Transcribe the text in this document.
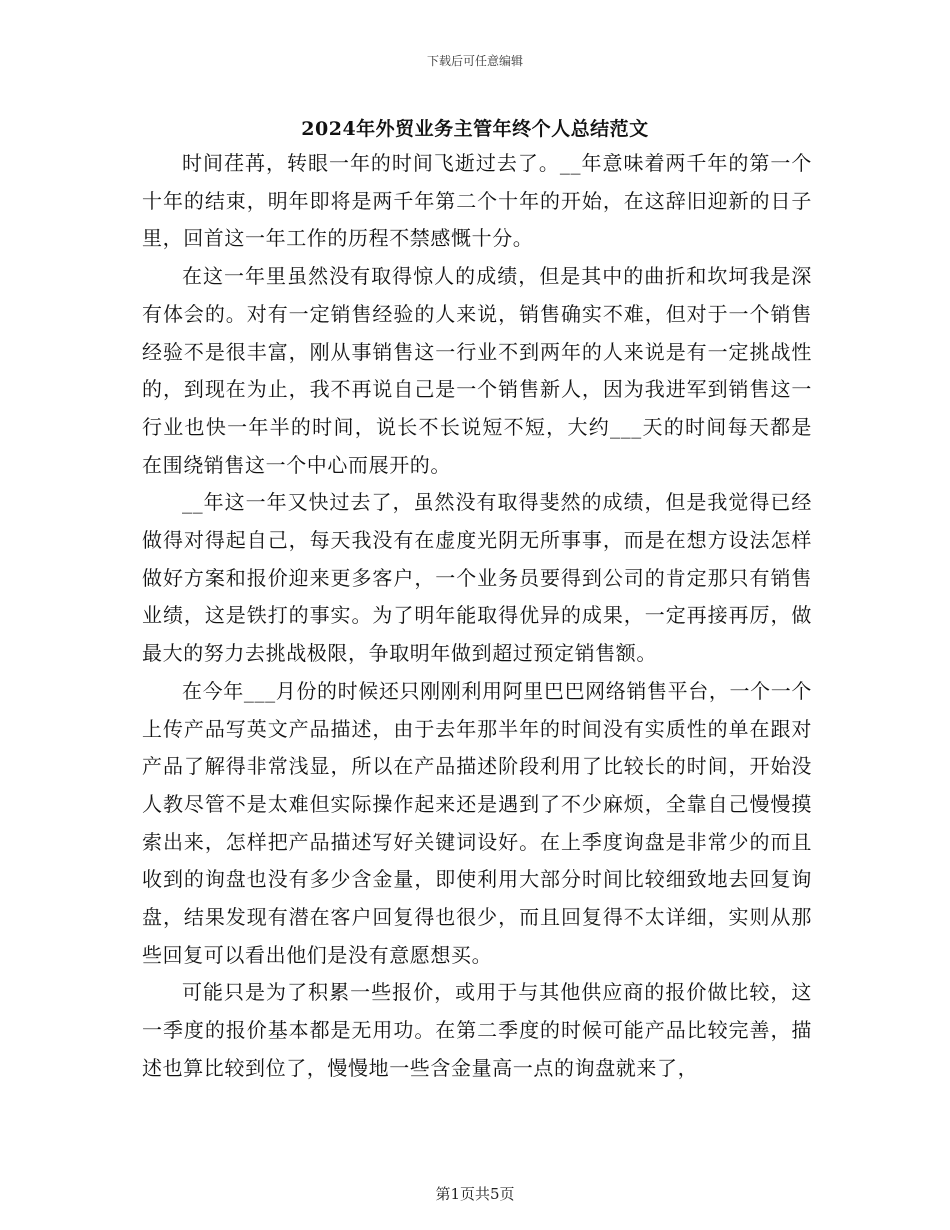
下载后可任意编辑
2024年外贸业务主管年终个人总结范文

时间荏苒，转眼一年的时间飞逝过去了。__年意味着两千年的第一个十年的结束，明年即将是两千年第二个十年的开始，在这辞旧迎新的日子里，回首这一年工作的历程不禁感慨十分。

在这一年里虽然没有取得惊人的成绩，但是其中的曲折和坎坷我是深有体会的。对有一定销售经验的人来说，销售确实不难，但对于一个销售经验不是很丰富，刚从事销售这一行业不到两年的人来说是有一定挑战性的，到现在为止，我不再说自己是一个销售新人，因为我进军到销售这一行业也快一年半的时间，说长不长说短不短，大约___天的时间每天都是在围绕销售这一个中心而展开的。

__年这一年又快过去了，虽然没有取得斐然的成绩，但是我觉得已经做得对得起自己，每天我没有在虚度光阴无所事事，而是在想方设法怎样做好方案和报价迎来更多客户，一个业务员要得到公司的肯定那只有销售业绩，这是铁打的事实。为了明年能取得优异的成果，一定再接再厉，做最大的努力去挑战极限，争取明年做到超过预定销售额。

在今年___月份的时候还只刚刚利用阿里巴巴网络销售平台，一个一个上传产品写英文产品描述，由于去年那半年的时间没有实质性的单在跟对产品了解得非常浅显，所以在产品描述阶段利用了比较长的时间，开始没人教尽管不是太难但实际操作起来还是遇到了不少麻烦，全靠自己慢慢摸索出来，怎样把产品描述写好关键词设好。在上季度询盘是非常少的而且收到的询盘也没有多少含金量，即使利用大部分时间比较细致地去回复询盘，结果发现有潜在客户回复得也很少，而且回复得不太详细，实则从那些回复可以看出他们是没有意愿想买。

可能只是为了积累一些报价，或用于与其他供应商的报价做比较，这一季度的报价基本都是无用功。在第二季度的时候可能产品比较完善，描述也算比较到位了，慢慢地一些含金量高一点的询盘就来了，

第1页共5页
